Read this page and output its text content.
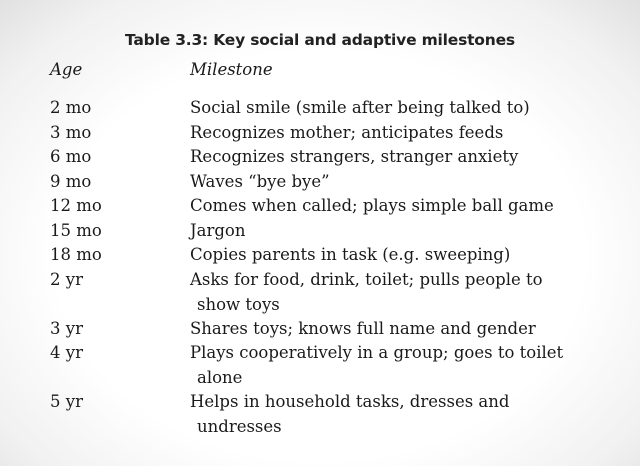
Table 3.3: Key social and adaptive milestones
Age	Milestone
2 mo	Social smile (smile after being talked to)
3 mo	Recognizes mother; anticipates feeds
6 mo	Recognizes strangers, stranger anxiety
9 mo	Waves “bye bye”
12 mo	Comes when called; plays simple ball game
15 mo	Jargon
18 mo	Copies parents in task (e.g. sweeping)
2 yr	Asks for food, drink, toilet; pulls people to
show toys
3 yr	Shares toys; knows full name and gender
4 yr	Plays cooperatively in a group; goes to toilet
alone
5 yr	Helps in household tasks, dresses and
undresses
